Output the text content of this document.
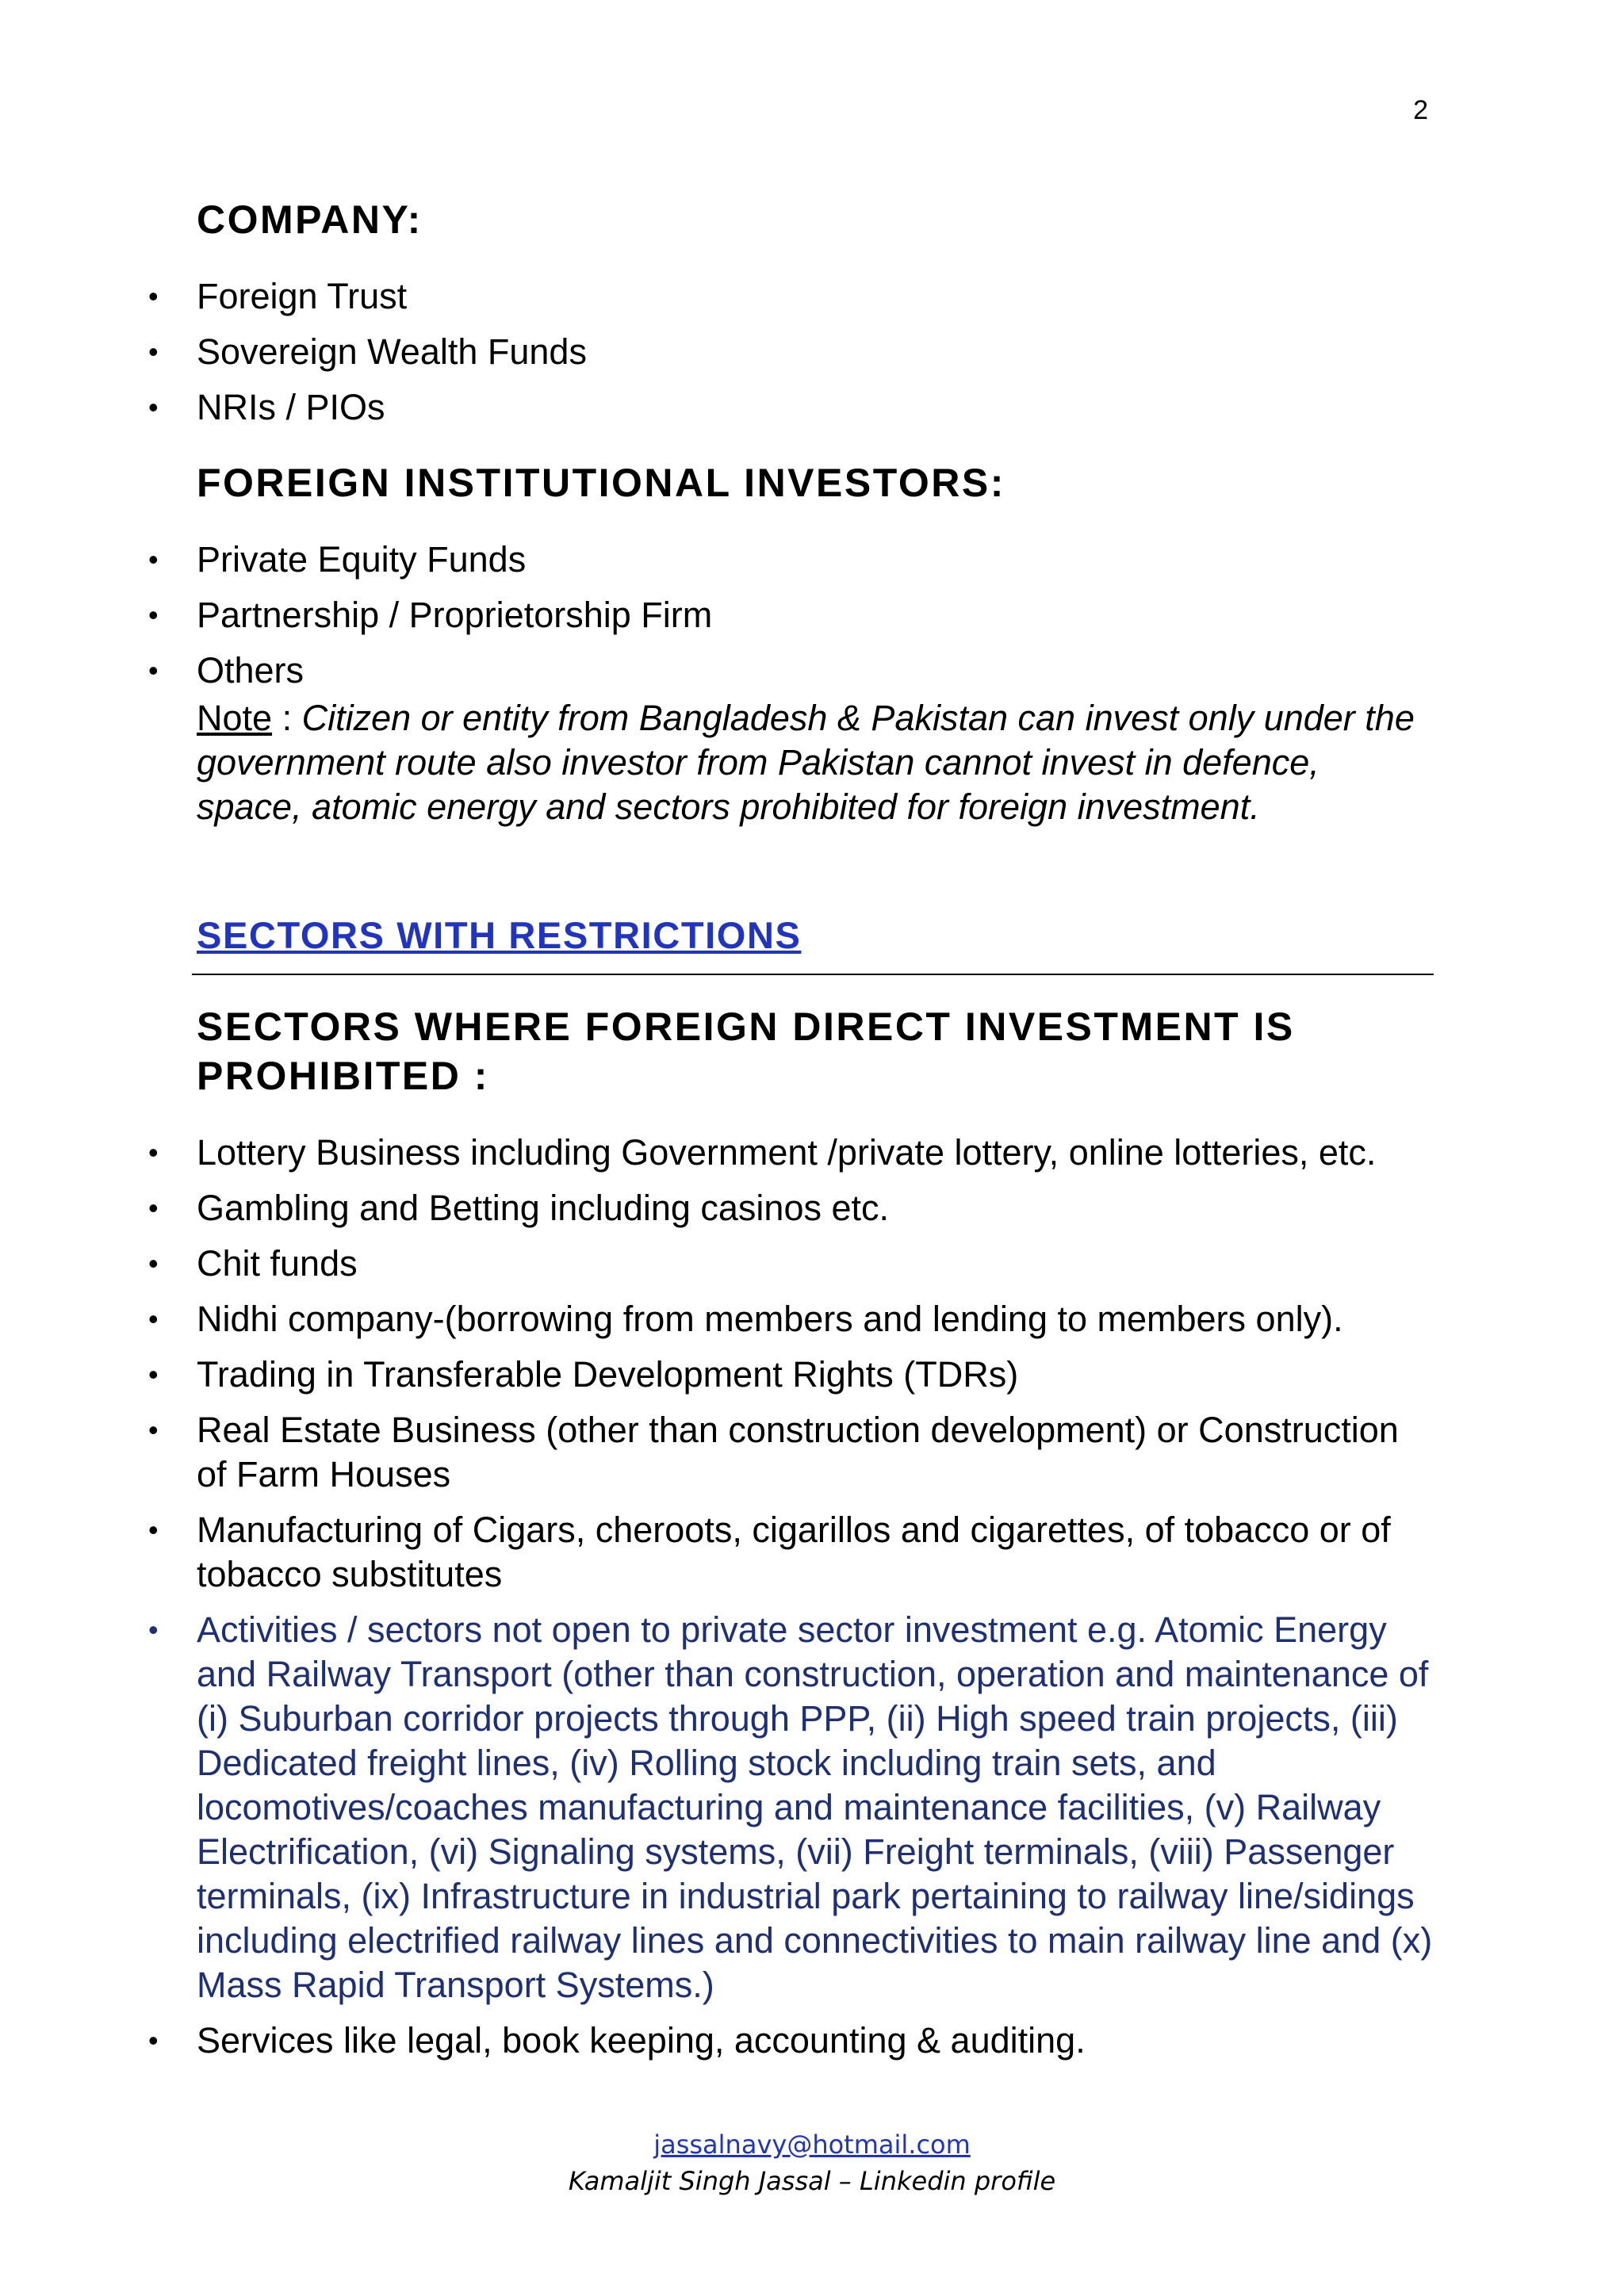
2
COMPANY:
• Foreign Trust
• Sovereign Wealth Funds
• NRIs / PIOs
FOREIGN INSTITUTIONAL INVESTORS:
• Private Equity Funds
• Partnership / Proprietorship Firm
• Others

Note : Citizen or entity from Bangladesh & Pakistan can invest only under the government route also investor from Pakistan cannot invest in defence, space, atomic energy and sectors prohibited for foreign investment.

SECTORS WITH RESTRICTIONS

SECTORS WHERE FOREIGN DIRECT INVESTMENT IS PROHIBITED :
• Lottery Business including Government /private lottery, online lotteries, etc.
• Gambling and Betting including casinos etc.
• Chit funds
• Nidhi company-(borrowing from members and lending to members only).
• Trading in Transferable Development Rights (TDRs)
• Real Estate Business (other than construction development) or Construction of Farm Houses
• Manufacturing of Cigars, cheroots, cigarillos and cigarettes, of tobacco or of tobacco substitutes
• Activities / sectors not open to private sector investment e.g. Atomic Energy and Railway Transport (other than construction, operation and maintenance of (i) Suburban corridor projects through PPP, (ii) High speed train projects, (iii) Dedicated freight lines, (iv) Rolling stock including train sets, and locomotives/coaches manufacturing and maintenance facilities, (v) Railway Electrification, (vi) Signaling systems, (vii) Freight terminals, (viii) Passenger terminals, (ix) Infrastructure in industrial park pertaining to railway line/sidings including electrified railway lines and connectivities to main railway line and (x) Mass Rapid Transport Systems.)
• Services like legal, book keeping, accounting & auditing.
jassalnavy@hotmail.com
Kamaljit Singh Jassal – Linkedin profile
